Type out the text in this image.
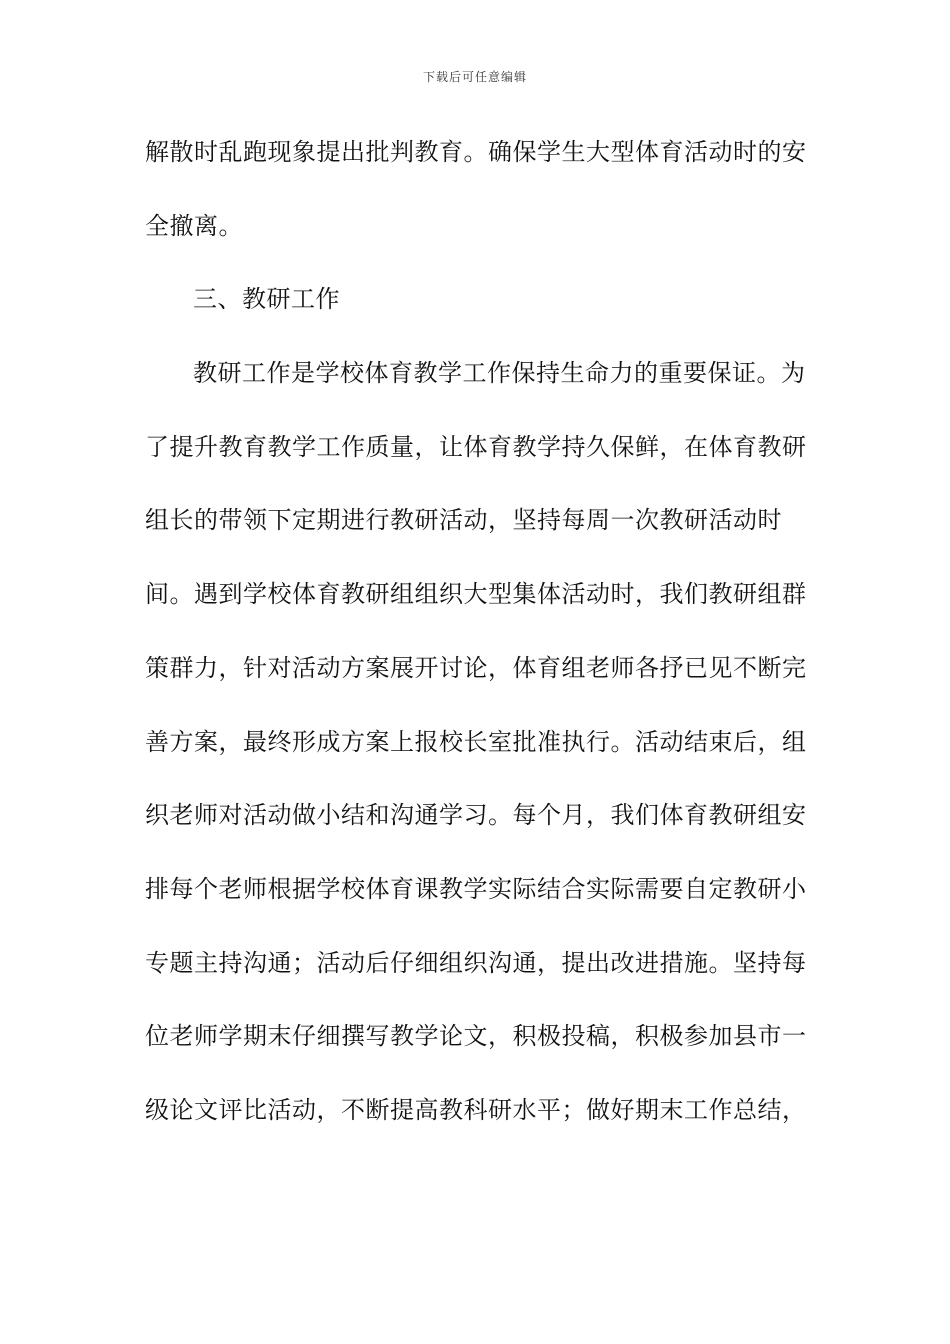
下载后可任意编辑
解散时乱跑现象提出批判教育。确保学生大型体育活动时的安
全撤离。
三、教研工作
教研工作是学校体育教学工作保持生命力的重要保证。为
了提升教育教学工作质量，让体育教学持久保鲜，在体育教研
组长的带领下定期进行教研活动，坚持每周一次教研活动时
间。遇到学校体育教研组组织大型集体活动时，我们教研组群
策群力，针对活动方案展开讨论，体育组老师各抒已见不断完
善方案，最终形成方案上报校长室批准执行。活动结束后，组
织老师对活动做小结和沟通学习。每个月，我们体育教研组安
排每个老师根据学校体育课教学实际结合实际需要自定教研小
专题主持沟通；活动后仔细组织沟通，提出改进措施。坚持每
位老师学期末仔细撰写教学论文，积极投稿，积极参加县市一
级论文评比活动，不断提高教科研水平；做好期末工作总结，
